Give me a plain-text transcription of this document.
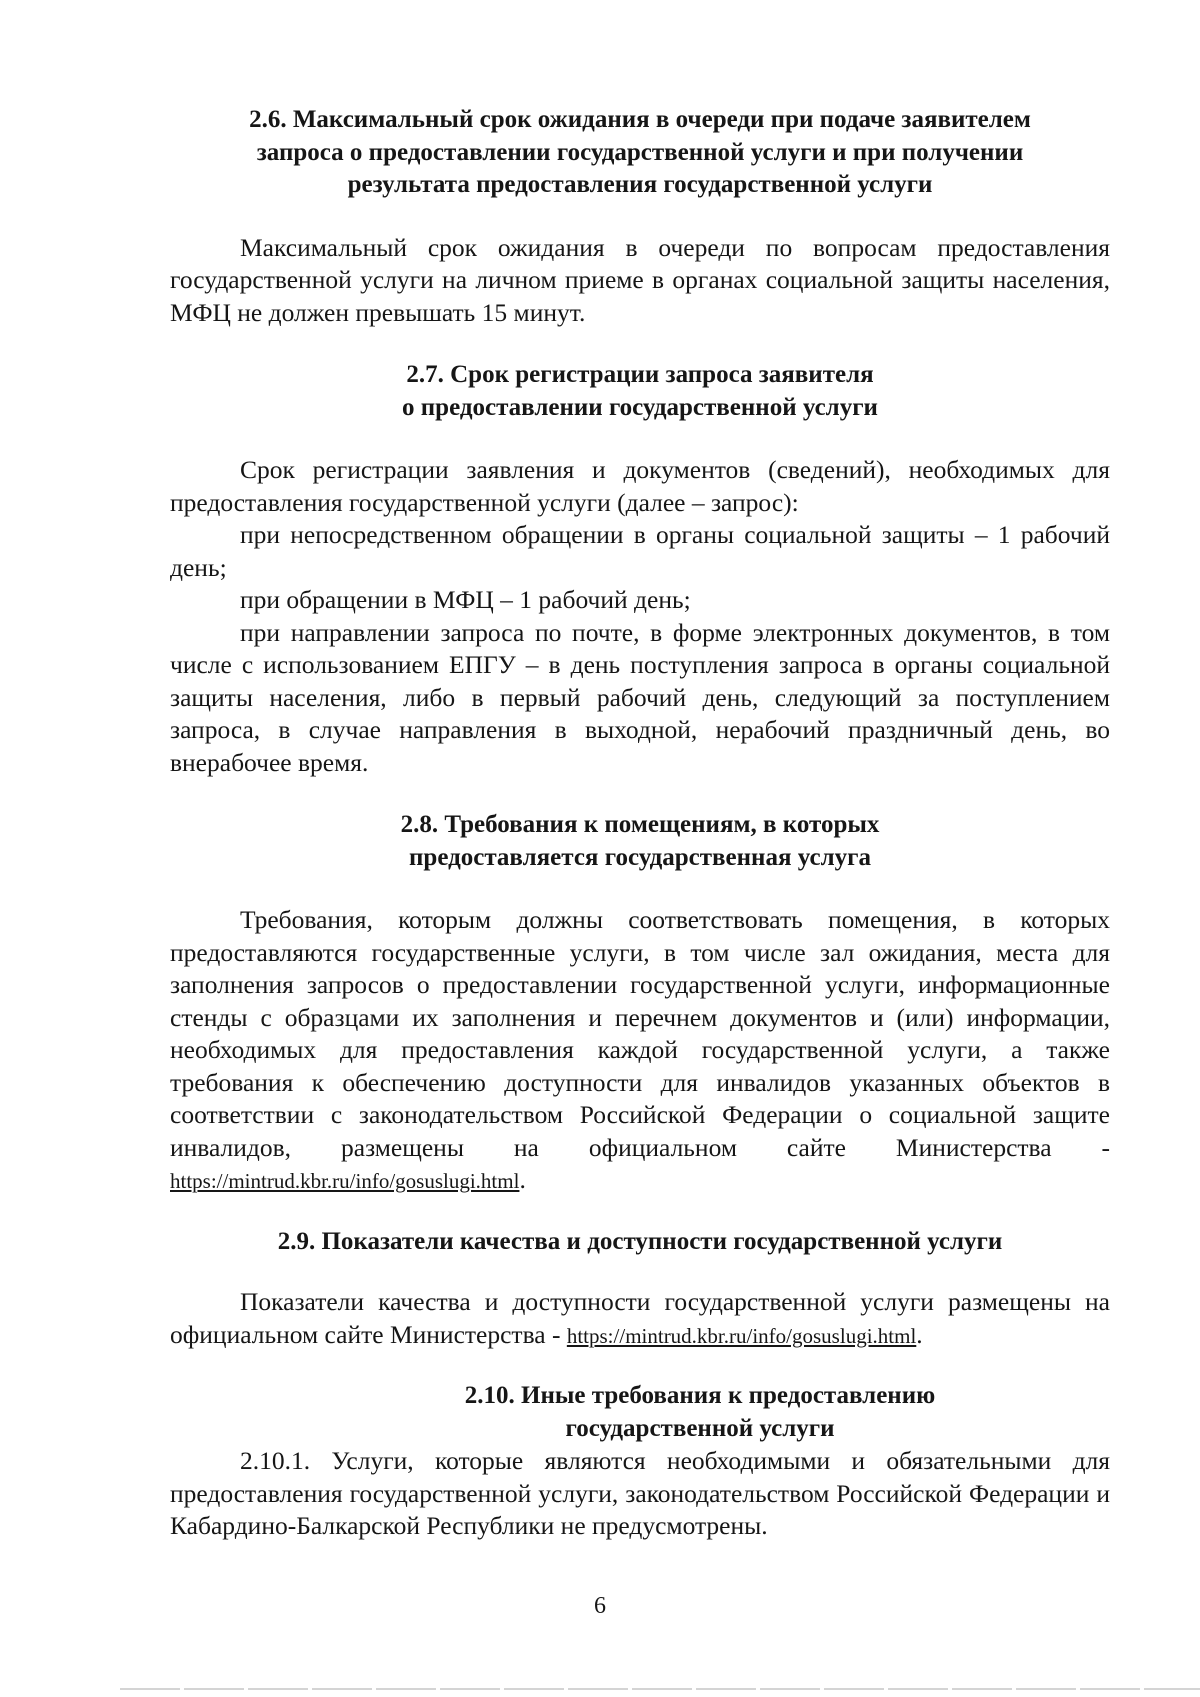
2.6. Максимальный срок ожидания в очереди при подаче заявителем
запроса о предоставлении государственной услуги и при получении
результата предоставления государственной услуги

Максимальный срок ожидания в очереди по вопросам предоставления государственной услуги на личном приеме в органах социальной защиты населения, МФЦ не должен превышать 15 минут.

2.7. Срок регистрации запроса заявителя
о предоставлении государственной услуги

Срок регистрации заявления и документов (сведений), необходимых для предоставления государственной услуги (далее – запрос):

при непосредственном обращении в органы социальной защиты – 1 рабочий день;

при обращении в МФЦ – 1 рабочий день;

при направлении запроса по почте, в форме электронных документов, в том числе с использованием ЕПГУ – в день поступления запроса в органы социальной защиты населения, либо в первый рабочий день, следующий за поступлением запроса, в случае направления в выходной, нерабочий праздничный день, во внерабочее время.

2.8. Требования к помещениям, в которых
предоставляется государственная услуга

Требования, которым должны соответствовать помещения, в которых предоставляются государственные услуги, в том числе зал ожидания, места для заполнения запросов о предоставлении государственной услуги, информационные стенды с образцами их заполнения и перечнем документов и (или) информации, необходимых для предоставления каждой государственной услуги, а также требования к обеспечению доступности для инвалидов указанных объектов в соответствии с законодательством Российской Федерации о социальной защите инвалидов, размещены на официальном сайте Министерства - https://mintrud.kbr.ru/info/gosuslugi.html.

2.9. Показатели качества и доступности государственной услуги

Показатели качества и доступности государственной услуги размещены на официальном сайте Министерства - https://mintrud.kbr.ru/info/gosuslugi.html.

2.10. Иные требования к предоставлению
государственной услуги

2.10.1. Услуги, которые являются необходимыми и обязательными для предоставления государственной услуги, законодательством Российской Федерации и Кабардино-Балкарской Республики не предусмотрены.

6
